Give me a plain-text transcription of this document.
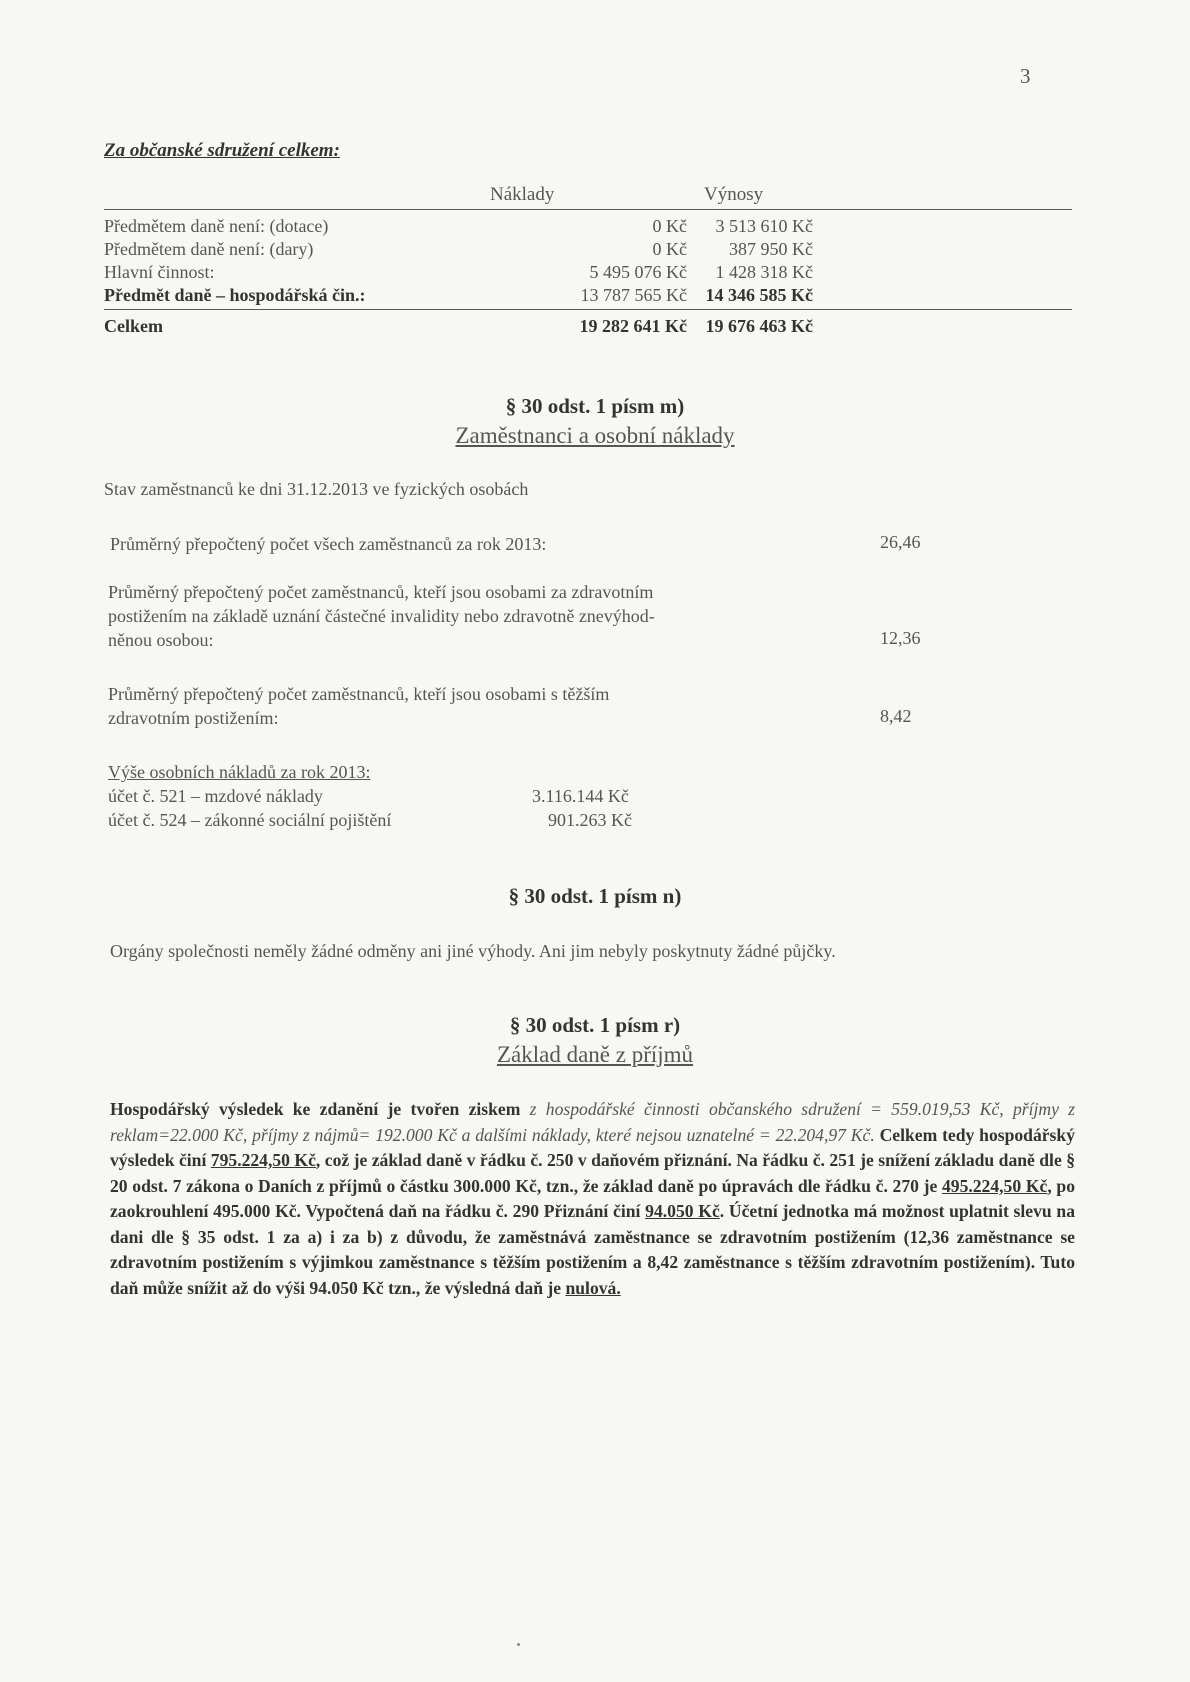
3
Za občanské sdružení celkem:
Náklady	Výnosy
Předmětem daně není: (dotace)	0 Kč 3 513 610 Kč
Předmětem daně není: (dary)	0 Kč 387 950 Kč
Hlavní činnost:	5 495 076 Kč 1 428 318 Kč
Předmět daně – hospodářská čin.:	13 787 565 Kč 14 346 585 Kč
Celkem	19 282 641 Kč 19 676 463 Kč
§ 30 odst. 1 písm m)
Zaměstnanci a osobní náklady
Stav zaměstnanců ke dni 31.12.2013 ve fyzických osobách
Průměrný přepočtený počet všech zaměstnanců za rok 2013:	26,46
Průměrný přepočtený počet zaměstnanců, kteří jsou osobami za zdravotním
postižením na základě uznání částečné invalidity nebo zdravotně znevýhod-
něnou osobou:	12,36
Průměrný přepočtený počet zaměstnanců, kteří jsou osobami s těžším
zdravotním postižením:	8,42
Výše osobních nákladů za rok 2013:
účet č. 521 – mzdové náklady	3.116.144 Kč
účet č. 524 – zákonné sociální pojištění	901.263 Kč
§ 30 odst. 1 písm n)
Orgány společnosti neměly žádné odměny ani jiné výhody. Ani jim nebyly poskytnuty žádné půjčky.
§ 30 odst. 1 písm r)
Základ daně z příjmů
Hospodářský výsledek ke zdanění je tvořen ziskem z hospodářské činnosti občanského sdružení = 559.019,53 Kč, příjmy z reklam=22.000 Kč, příjmy z nájmů= 192.000 Kč a dalšími náklady, které nejsou uznatelné = 22.204,97 Kč. Celkem tedy hospodářský výsledek činí 795.224,50 Kč, což je základ daně v řádku č. 250 v daňovém přiznání. Na řádku č. 251 je snížení základu daně dle § 20 odst. 7 zákona o Daních z příjmů o částku 300.000 Kč, tzn., že základ daně po úpravách dle řádku č. 270 je 495.224,50 Kč, po zaokrouhlení 495.000 Kč. Vypočtená daň na řádku č. 290 Přiznání činí 94.050 Kč. Účetní jednotka má možnost uplatnit slevu na dani dle § 35 odst. 1 za a) i za b) z důvodu, že zaměstnává zaměstnance se zdravotním postižením (12,36 zaměstnance se zdravotním postižením s výjimkou zaměstnance s těžším postižením a 8,42 zaměstnance s těžším zdravotním postižením). Tuto daň může snížit až do výši 94.050 Kč tzn., že výsledná daň je nulová.
